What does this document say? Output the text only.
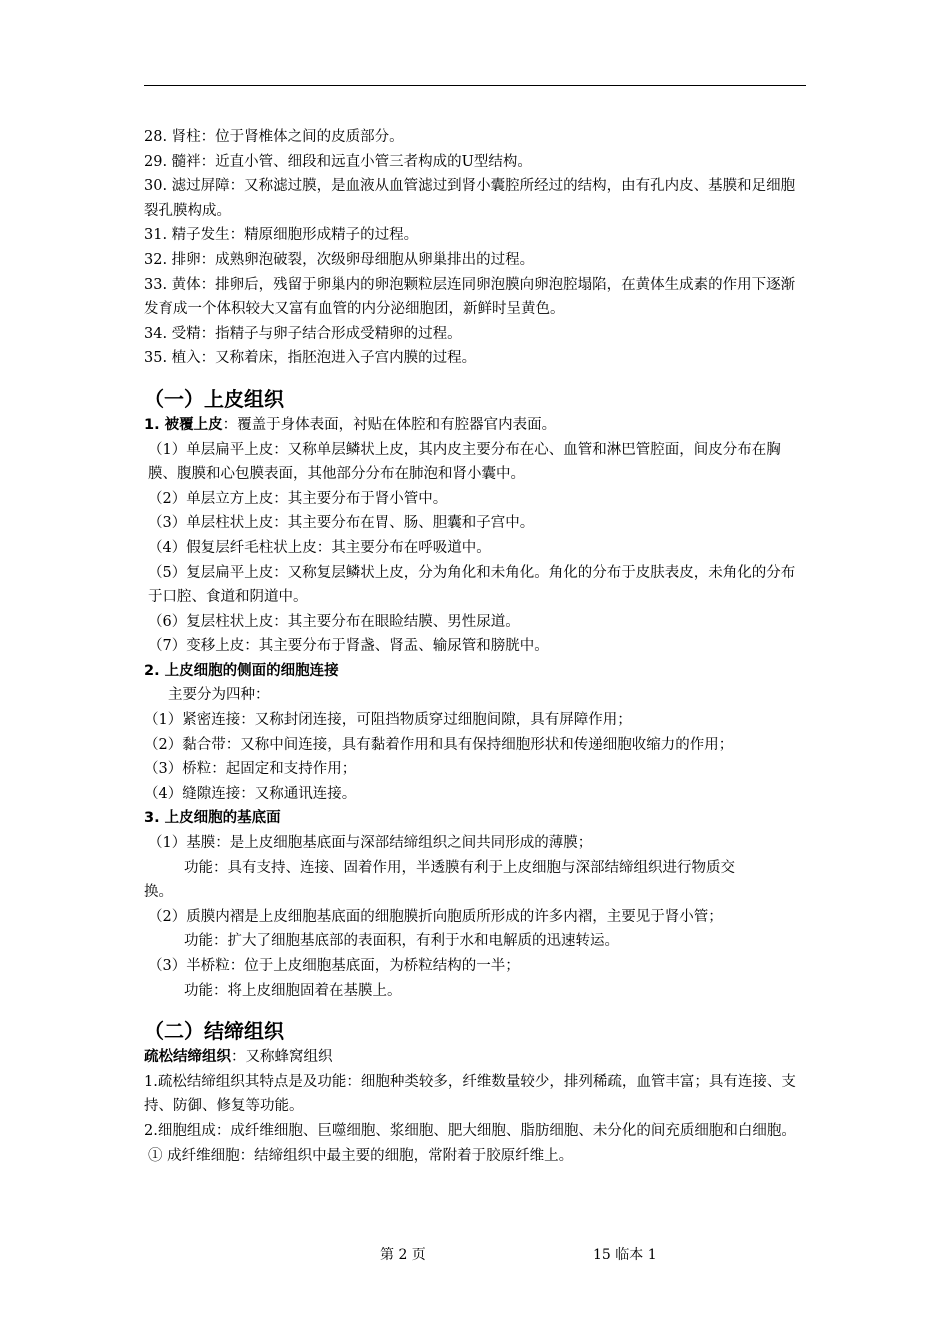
28. 肾柱：位于肾椎体之间的皮质部分。

29. 髓袢：近直小管、细段和远直小管三者构成的U型结构。

30. 滤过屏障：又称滤过膜，是血液从血管滤过到肾小囊腔所经过的结构，由有孔内皮、基膜和足细胞裂孔膜构成。

31. 精子发生：精原细胞形成精子的过程。

32. 排卵：成熟卵泡破裂，次级卵母细胞从卵巢排出的过程。

33. 黄体：排卵后，残留于卵巢内的卵泡颗粒层连同卵泡膜向卵泡腔塌陷，在黄体生成素的作用下逐渐发育成一个体积较大又富有血管的内分泌细胞团，新鲜时呈黄色。

34. 受精：指精子与卵子结合形成受精卵的过程。

35. 植入：又称着床，指胚泡进入子宫内膜的过程。

（一）上皮组织

1. 被覆上皮：覆盖于身体表面，衬贴在体腔和有腔器官内表面。

（1）单层扁平上皮：又称单层鳞状上皮，其内皮主要分布在心、血管和淋巴管腔面，间皮分布在胸膜、腹膜和心包膜表面，其他部分分布在肺泡和肾小囊中。

（2）单层立方上皮：其主要分布于肾小管中。

（3）单层柱状上皮：其主要分布在胃、肠、胆囊和子宫中。

（4）假复层纤毛柱状上皮：其主要分布在呼吸道中。

（5）复层扁平上皮：又称复层鳞状上皮，分为角化和未角化。角化的分布于皮肤表皮，未角化的分布于口腔、食道和阴道中。

（6）复层柱状上皮：其主要分布在眼睑结膜、男性尿道。

（7）变移上皮：其主要分布于肾盏、肾盂、输尿管和膀胱中。

2. 上皮细胞的侧面的细胞连接

主要分为四种：

（1）紧密连接：又称封闭连接，可阻挡物质穿过细胞间隙，具有屏障作用；

（2）黏合带：又称中间连接，具有黏着作用和具有保持细胞形状和传递细胞收缩力的作用；

（3）桥粒：起固定和支持作用；

（4）缝隙连接：又称通讯连接。

3. 上皮细胞的基底面

（1）基膜：是上皮细胞基底面与深部结缔组织之间共同形成的薄膜；

功能：具有支持、连接、固着作用，半透膜有利于上皮细胞与深部结缔组织进行物质交

换。

（2）质膜内褶是上皮细胞基底面的细胞膜折向胞质所形成的许多内褶，主要见于肾小管；

功能：扩大了细胞基底部的表面积，有利于水和电解质的迅速转运。

（3）半桥粒：位于上皮细胞基底面，为桥粒结构的一半；

功能：将上皮细胞固着在基膜上。

（二）结缔组织

疏松结缔组织：又称蜂窝组织

1.疏松结缔组织其特点是及功能：细胞种类较多，纤维数量较少，排列稀疏，血管丰富；具有连接、支持、防御、修复等功能。

2.细胞组成：成纤维细胞、巨噬细胞、浆细胞、肥大细胞、脂肪细胞、未分化的间充质细胞和白细胞。

① 成纤维细胞：结缔组织中最主要的细胞，常附着于胶原纤维上。

第 2 页	15 临本 1
